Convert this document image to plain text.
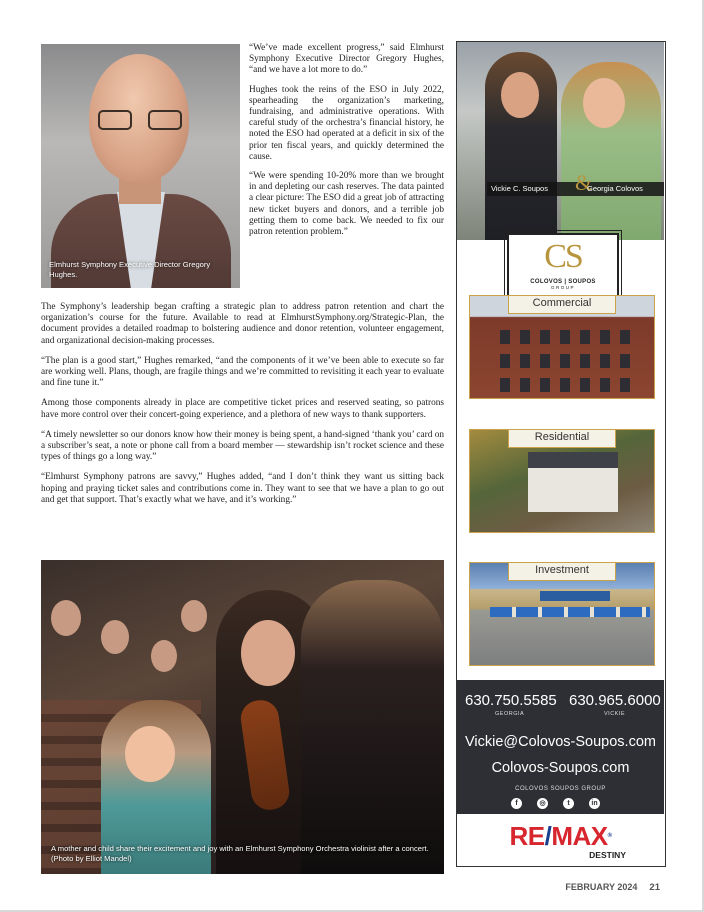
Elmhurst Symphony Executive Director Gregory Hughes.

“We’ve made excellent progress,” said Elmhurst Symphony Executive Director Gregory Hughes, “and we have a lot more to do.”

Hughes took the reins of the ESO in July 2022, spearheading the organization’s marketing, fundraising, and administrative operations. With careful study of the orchestra’s financial history, he noted the ESO had operated at a deficit in six of the prior ten fiscal years, and quickly determined the cause.

“We were spending 10-20% more than we brought in and depleting our cash reserves. The data painted a clear picture: The ESO did a great job of attracting new ticket buyers and donors, and a terrible job getting them to come back. We needed to fix our patron retention problem.”

The Symphony’s leadership began crafting a strategic plan to address patron retention and chart the organization’s course for the future. Available to read at ElmhurstSymphony.org/Strategic-Plan, the document provides a detailed roadmap to bolstering audience and donor retention, volunteer engagement, and organizational decision-making processes.

“The plan is a good start,” Hughes remarked, “and the components of it we’ve been able to execute so far are working well. Plans, though, are fragile things and we’re committed to revisiting it each year to evaluate and fine tune it.”

Among those components already in place are competitive ticket prices and reserved seating, so patrons have more control over their concert-going experience, and a plethora of new ways to thank supporters.

“A timely newsletter so our donors know how their money is being spent, a hand-signed ‘thank you’ card on a subscriber’s seat, a note or phone call from a board member — stewardship isn’t rocket science and these types of things go a long way.”

“Elmhurst Symphony patrons are savvy,” Hughes added, “and I don’t think they want us sitting back hoping and praying ticket sales and contributions come in. They want to see that we have a plan to go out and get that support. That’s exactly what we have, and it’s working.”

A mother and child share their excitement and joy with an Elmhurst Symphony Orchestra violinist after a concert. (Photo by Elliot Mandel)
Vickie C. Soupos &
Georgia Colovos
CS
COLOVOS | SOUPOS
GROUP
Commercial
Residential
Investment
630.750.5585 630.965.6000
GEORGIA	VICKIE
Vickie@Colovos-Soupos.com
Colovos-Soupos.com
COLOVOS SOUPOS GROUP
f	◎	t	in
RE/MAX®
DESTINY
FEBRUARY 2024 21
